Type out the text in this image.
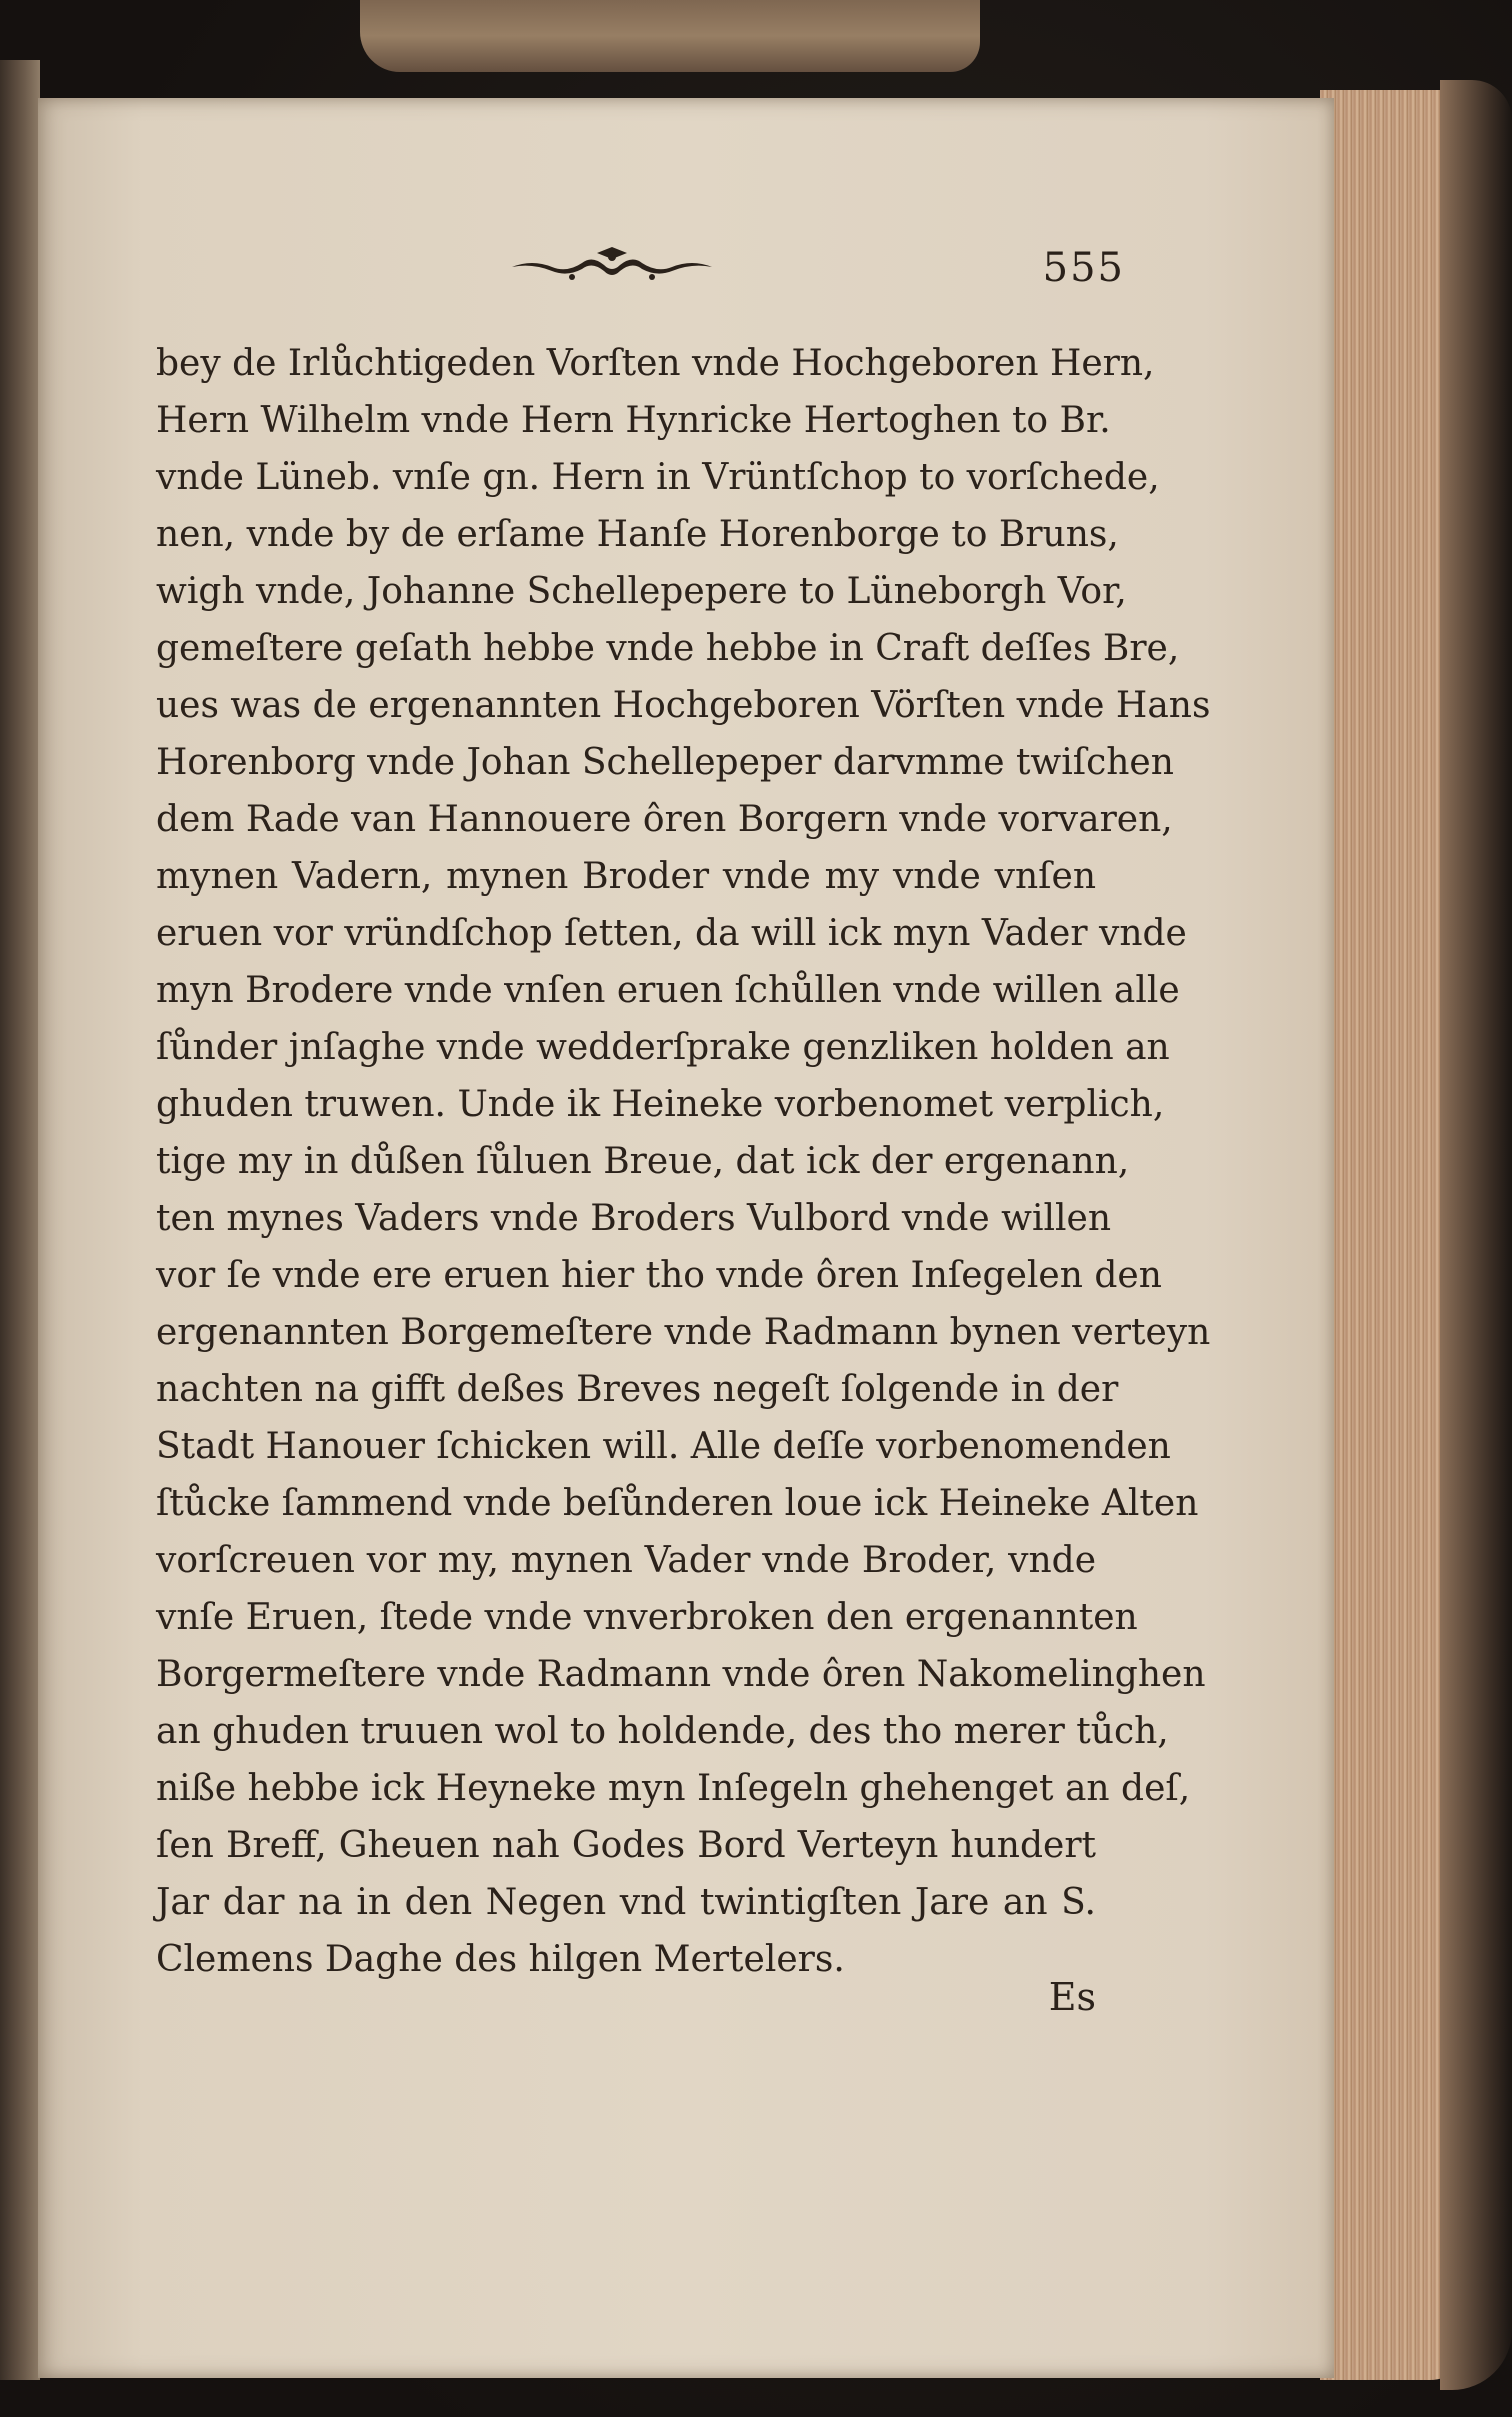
555
bey de Irlůchtigeden Vorſten vnde Hochgeboren Hern,
Hern Wilhelm vnde Hern Hynricke Hertoghen to Br.
vnde Lüneb. vnſe gn. Hern in Vrüntſchop to vorſchede,
nen, vnde by de erſame Hanſe Horenborge to Bruns,
wigh vnde, Johanne Schellepepere to Lüneborgh Vor,
gemeſtere geſath hebbe vnde hebbe in Craft deſſes Bre,
ues was de ergenannten Hochgeboren Vörſten vnde Hans
Horenborg vnde Johan Schellepeper darvmme twiſchen
dem Rade van Hannouere ôren Borgern vnde vorvaren,
mynen Vadern, mynen Broder vnde my vnde vnſen
eruen vor vründſchop ſetten, da will ick myn Vader vnde
myn Brodere vnde vnſen eruen ſchůllen vnde willen alle
ſůnder jnſaghe vnde wedderſprake genzliken holden an
ghuden truwen. Unde ik Heineke vorbenomet verplich,
tige my in důßen ſůluen Breue, dat ick der ergenann,
ten mynes Vaders vnde Broders Vulbord vnde willen
vor ſe vnde ere eruen hier tho vnde ôren Inſegelen den
ergenannten Borgemeſtere vnde Radmann bynen verteyn
nachten na gifft deßes Breves negeſt ſolgende in der
Stadt Hanouer ſchicken will. Alle deſſe vorbenomenden
ſtůcke ſammend vnde beſůnderen loue ick Heineke Alten
vorſcreuen vor my, mynen Vader vnde Broder, vnde
vnſe Eruen, ſtede vnde vnverbroken den ergenannten
Borgermeſtere vnde Radmann vnde ôren Nakomelinghen
an ghuden truuen wol to holdende, des tho merer tůch,
niße hebbe ick Heyneke myn Inſegeln ghehenget an deſ,
ſen Breff, Gheuen nah Godes Bord Verteyn hundert
Jar dar na in den Negen vnd twintigſten Jare an S.
Clemens Daghe des hilgen Mertelers.
Es
